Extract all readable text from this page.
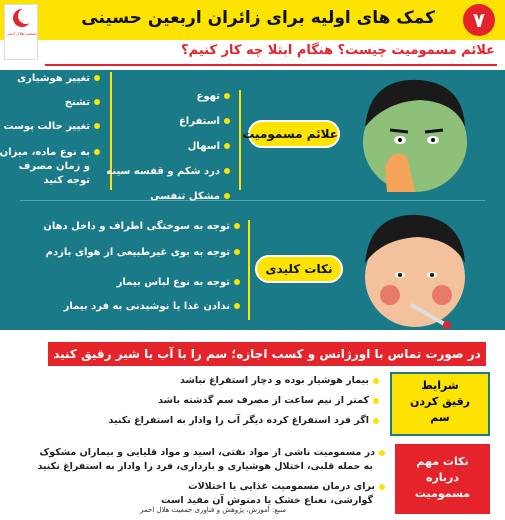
کمک های اولیه برای زائران اربعین حسینی	۷
جمعیت هلال احمر
علائم مسمومیت چیست؟ هنگام ابتلا چه کار کنیم؟
علائم مسمومیت
تهوع
استفراغ
اسهال
درد شکم و قفسه سینه
مشکل تنفسی
تغییر هوشیاری
تشنج
تغییر حالت پوست
به نوع ماده، میزان
و زمان مصرف
توجه کنید
نکات کلیدی
توجه به سوختگی اطراف و داخل دهان
توجه به بوی غیرطبیعی از هوای بازدم
توجه به نوع لباس بیمار
ندادن غذا یا نوشیدنی به فرد بیمار
در صورت تماس با اورژانس و کسب اجازه؛ سم را با آب یا شیر رقیق کنید
شرایط
رقیق کردن
سم
بیمار هوشیار بوده و دچار استفراغ نباشد
کمتر از نیم ساعت از مصرف سم گذشته باشد
اگر فرد استفراغ کرده دیگر آب را وادار به استفراغ نکنید
نکات مهم
درباره
مسمومیت
در مسمومیت ناشی از مواد نفتی، اسید و مواد قلیایی و بیماران مشکوک
به حمله قلبی، اختلال هوشیاری و بارداری، فرد را وادار به استفراغ نکنید
برای درمان مسمومیت غذایی یا اختلالات
گوارشی، نعناع خشک یا دمنوش آن مفید است
منبع: آموزش، پژوهش و فناوری جمعیت هلال احمر
